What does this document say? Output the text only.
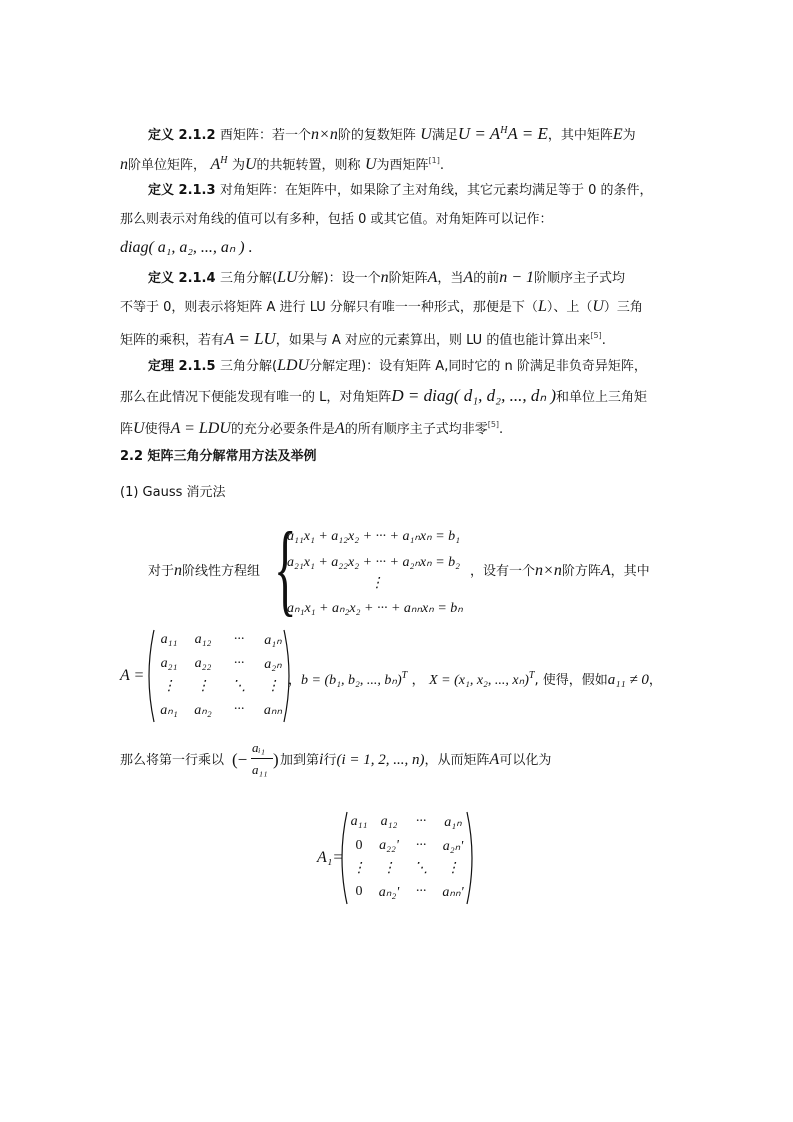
定义 2.1.2 酉矩阵：若一个n×n阶的复数矩阵 U满足$U = A^HA = E$，其中矩阵E为
n阶单位矩阵， $A^H$ 为U的共轭转置，则称 U为酉矩阵[1].
定义 2.1.3 对角矩阵：在矩阵中，如果除了主对角线，其它元素均满足等于 0 的条件，
那么则表示对角线的值可以有多种，包括 0 或其它值。对角矩阵可以记作：
diag( a₁, a₂, ..., aₙ ) .
定义 2.1.4 三角分解(LU分解)：设一个n阶矩阵A，当A的前n − 1阶顺序主子式均
不等于 0，则表示将矩阵 A 进行 LU 分解只有唯一一种形式，那便是下（L）、上（U）三角
矩阵的乘积，若有A = LU，如果与 A 对应的元素算出，则 LU 的值也能计算出来[5].
定理 2.1.5 三角分解(LDU分解定理)：设有矩阵 A,同时它的 n 阶满足非负奇异矩阵，
那么在此情况下便能发现有唯一的 L，对角矩阵D = diag( d₁, d₂, ..., dₙ )和单位上三角矩
阵U使得A = LDU的充分必要条件是A的所有顺序主子式均非零[5].
2.2 矩阵三角分解常用方法及举例
(1) Gauss 消元法
对于n阶线性方程组 {
a₁₁x₁ + a₁₂x₂ + ··· + a₁ₙxₙ = b₁
a₂₁x₁ + a₂₂x₂ + ··· + a₂ₙxₙ = b₂
⋮
aₙ₁x₁ + aₙ₂x₂ + ··· + aₙₙxₙ = bₙ
，设有一个n×n阶方阵A，其中
A =
a₁₁	a₁₂	···	a₁ₙ
a₂₁	a₂₂	···	a₂ₙ
⋮	⋮	⋱	⋮
aₙ₁	aₙ₂	···	aₙₙ
，b = (b₁, b₂, ..., bₙ)$^T$ ， X = (x₁, x₂, ..., xₙ)$^T$, 使得，假如a₁₁ ≠ 0，
那么将第一行乘以 (−
aᵢ₁
a₁₁
) 加到第i行(i = 1, 2, ..., n)，从而矩阵A可以化为
A₁=
a₁₁ a₁₂	···	a₁ₙ
0	a₂₂'	···	a₂ₙ'
⋮	⋮	⋱	⋮
0	aₙ₂'	···	aₙₙ'
